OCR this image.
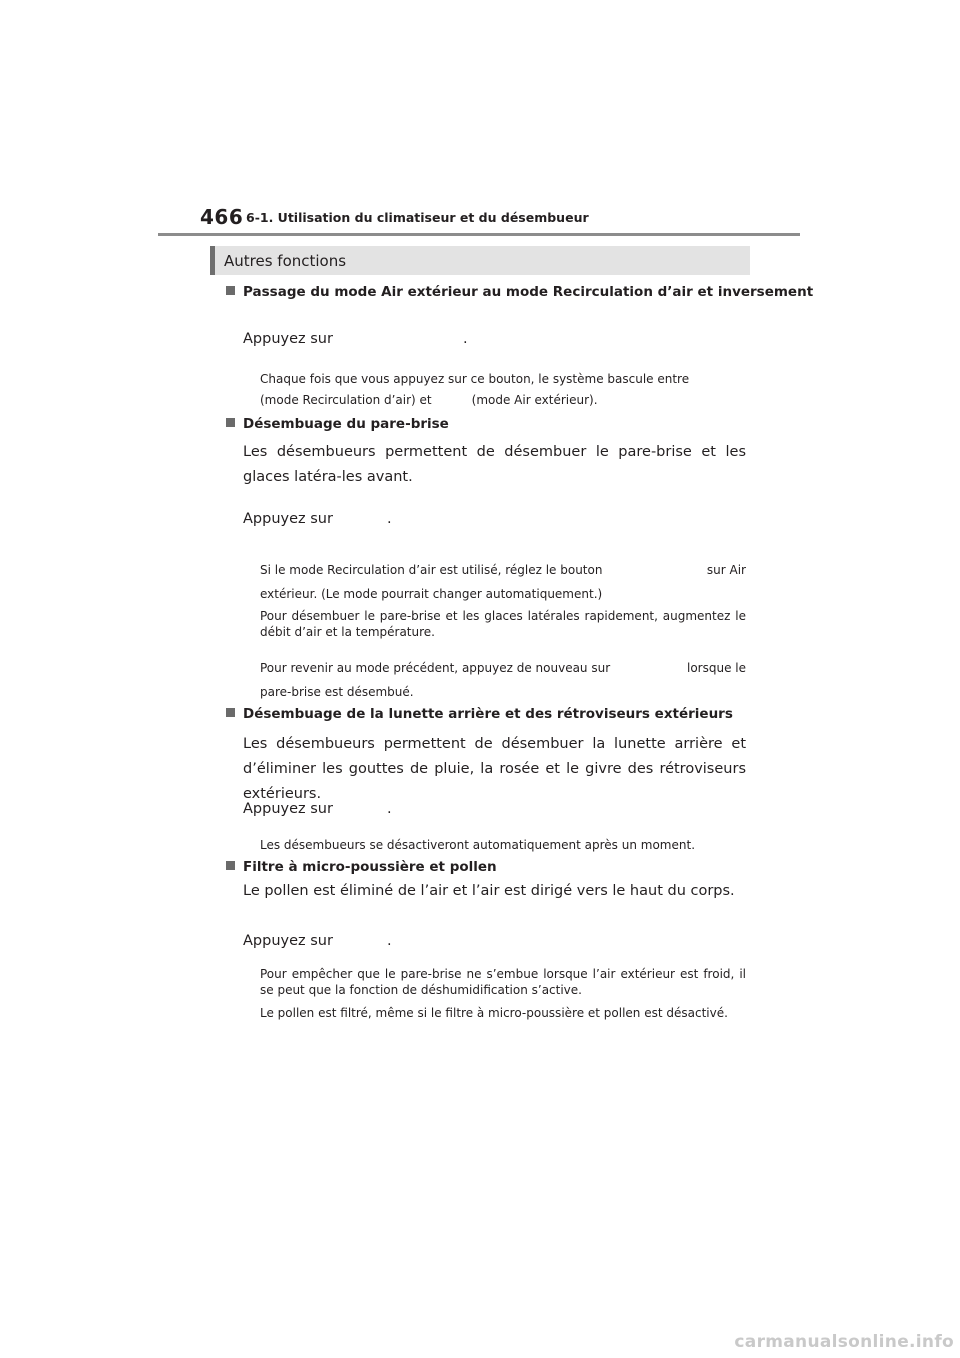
466 6-1. Utilisation du climatiseur et du désembueur
Autres fonctions
Passage du mode Air extérieur au mode Recirculation d’air et inversement
Appuyez sur	.
Chaque fois que vous appuyez sur ce bouton, le système bascule entre
(mode Recirculation d’air) et	(mode Air extérieur).
Désembuage du pare-brise
Les désembueurs permettent de désembuer le pare-brise et les glaces latéra-les avant.
Appuyez sur	.
Si le mode Recirculation d’air est utilisé, réglez le bouton	sur Air
extérieur. (Le mode pourrait changer automatiquement.)
Pour désembuer le pare-brise et les glaces latérales rapidement, augmentez le débit d’air et la température.
Pour revenir au mode précédent, appuyez de nouveau sur	lorsque le
pare-brise est désembué.
Désembuage de la lunette arrière et des rétroviseurs extérieurs
Les désembueurs permettent de désembuer la lunette arrière et d’éliminer les gouttes de pluie, la rosée et le givre des rétroviseurs extérieurs.
Appuyez sur	.
Les désembueurs se désactiveront automatiquement après un moment.
Filtre à micro-poussière et pollen
Le pollen est éliminé de l’air et l’air est dirigé vers le haut du corps.
Appuyez sur	.
Pour empêcher que le pare-brise ne s’embue lorsque l’air extérieur est froid, il se peut que la fonction de déshumidification s’active.
Le pollen est filtré, même si le filtre à micro-poussière et pollen est désactivé.
carmanualsonline.info
